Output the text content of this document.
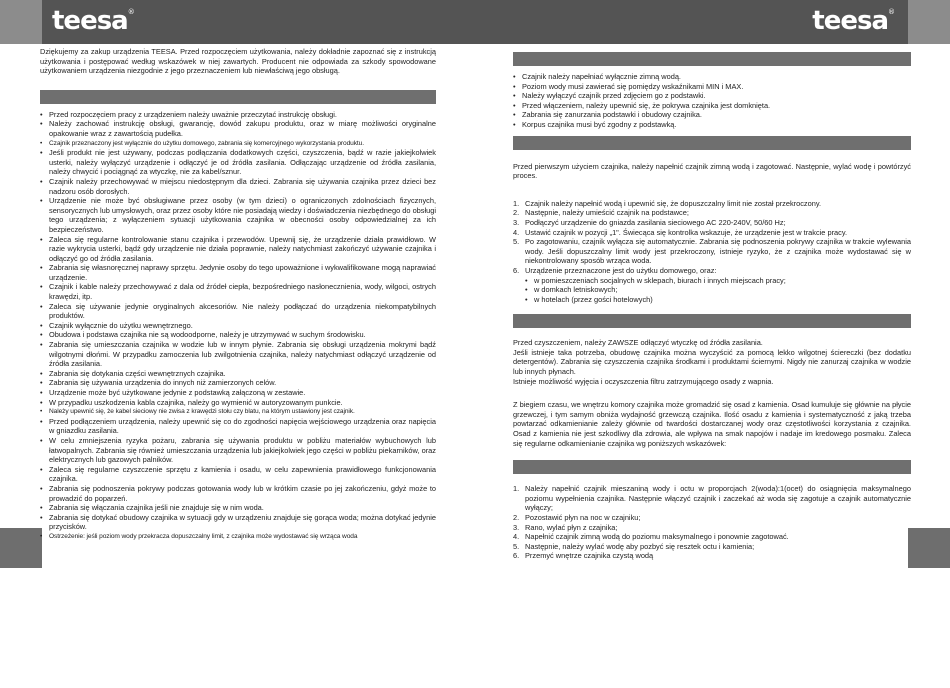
teesa®	teesa®

Dziękujemy za zakup urządzenia TEESA. Przed rozpoczęciem użytkowania, należy dokładnie zapoznać się z instrukcją użytkowania i postępować według wskazówek w niej zawartych. Producent nie odpowiada za szkody spowodowane użytkowaniem urządzenia niezgodnie z jego przeznaczeniem lub niewłaściwą jego obsługą.

• Przed rozpoczęciem pracy z urządzeniem należy uważnie przeczytać instrukcję obsługi.
• Należy zachować instrukcję obsługi, gwarancję, dowód zakupu produktu, oraz w miarę możliwości oryginalne opakowanie wraz z zawartością pudełka.
• Czajnik przeznaczony jest wyłącznie do użytku domowego, zabrania się komercyjnego wykorzystania produktu.
• Jeśli produkt nie jest używany, podczas podłączania dodatkowych części, czyszczenia, bądź w razie jakiejkolwiek usterki, należy wyłączyć urządzenie i odłączyć je od źródła zasilania. Odłączając urządzenie od źródła zasilania, należy chwycić i pociągnąć za wtyczkę, nie za kabel/sznur.
• Czajnik należy przechowywać w miejscu niedostępnym dla dzieci. Zabrania się używania czajnika przez dzieci bez nadzoru osób dorosłych.
• Urządzenie nie może być obsługiwane przez osoby (w tym dzieci) o ograniczonych zdolnościach fizycznych, sensorycznych lub umysłowych, oraz przez osoby które nie posiadają wiedzy i doświadczenia niezbędnego do obsługi tego urządzenia; z wyłączeniem sytuacji użytkowania czajnika w obecności osoby odpowiedzialnej za ich bezpieczeństwo.
• Zaleca się regularne kontrolowanie stanu czajnika i przewodów. Upewnij się, że urządzenie działa prawidłowo. W razie wykrycia usterki, bądź gdy urządzenie nie działa poprawnie, należy natychmiast zakończyć używanie czajnika i odłączyć go od źródła zasilania.
• Zabrania się własnoręcznej naprawy sprzętu. Jedynie osoby do tego upoważnione i wykwalifikowane mogą naprawiać urządzenie.
• Czajnik i kable należy przechowywać z dala od źródeł ciepła, bezpośredniego nasłonecznienia, wody, wilgoci, ostrych krawędzi, itp.
• Zaleca się używanie jedynie oryginalnych akcesoriów. Nie należy podłączać do urządzenia niekompatybilnych produktów.
• Czajnik wyłącznie do użytku wewnętrznego.
• Obudowa i podstawa czajnika nie są wodoodporne, należy je utrzymywać w suchym środowisku.
• Zabrania się umieszczania czajnika w wodzie lub w innym płynie. Zabrania się obsługi urządzenia mokrymi bądź wilgotnymi dłońmi. W przypadku zamoczenia lub zwilgotnienia czajnika, należy natychmiast odłączyć urządzenie od źródła zasilania.
• Zabrania się dotykania części wewnętrznych czajnika.
• Zabrania się używania urządzenia do innych niż zamierzonych celów.
• Urządzenie może być użytkowane jedynie z podstawką załączoną w zestawie.
• W przypadku uszkodzenia kabla czajnika, należy go wymienić w autoryzowanym punkcie.
• Należy upewnić się, że kabel sieciowy nie zwisa z krawędzi stołu czy blatu, na którym ustawiony jest czajnik.
• Przed podłączeniem urządzenia, należy upewnić się co do zgodności napięcia wejściowego urządzenia oraz napięcia w gniazdku zasilania.
• W celu zmniejszenia ryzyka pożaru, zabrania się używania produktu w pobliżu materiałów wybuchowych lub łatwopalnych. Zabrania się również umieszczania urządzenia lub jakiejkolwiek jego części w pobliżu piekarników, oraz elektrycznych lub gazowych palników.
• Zaleca się regularne czyszczenie sprzętu z kamienia i osadu, w celu zapewnienia prawidłowego funkcjonowania czajnika.
• Zabrania się podnoszenia pokrywy podczas gotowania wody lub w krótkim czasie po jej zakończeniu, gdyż może to prowadzić do poparzeń.
• Zabrania się włączania czajnika jeśli nie znajduje się w nim woda.
• Zabrania się dotykać obudowy czajnika w sytuacji gdy w urządzeniu znajduje się gorąca woda; można dotykać jedynie przycisków.
• Ostrzeżenie: jeśli poziom wody przekracza dopuszczalny limit, z czajnika może wydostawać się wrząca woda
• Czajnik należy napełniać wyłącznie zimną wodą.
• Poziom wody musi zawierać się pomiędzy wskaźnikami MIN i MAX.
• Należy wyłączyć czajnik przed zdjęciem go z podstawki.
• Przed włączeniem, należy upewnić się, że pokrywa czajnika jest domknięta.
• Zabrania się zanurzania podstawki i obudowy czajnika.
• Korpus czajnika musi być zgodny z podstawką.

Przed pierwszym użyciem czajnika, należy napełnić czajnik zimną wodą i zagotować. Następnie, wylać wodę i powtórzyć proces.

1. Czajnik należy napełnić wodą i upewnić się, że dopuszczalny limit nie został przekroczony.
2. Następnie, należy umieścić czajnik na podstawce;
3. Podłączyć urządzenie do gniazda zasilania sieciowego AC 220-240V, 50/60 Hz;
4. Ustawić czajnik w pozycji „1". Świecąca się kontrolka wskazuje, że urządzenie jest w trakcie pracy.
5. Po zagotowaniu, czajnik wyłącza się automatycznie. Zabrania się podnoszenia pokrywy czajnika w trakcie wylewania wody. Jeśli dopuszczalny limit wody jest przekroczony, istnieje ryzyko, że z czajnika może wydostawać się w niekontrolowany sposób wrząca woda.
6. Urządzenie przeznaczone jest do użytku domowego, oraz:
• w pomieszczeniach socjalnych w sklepach, biurach i innych miejscach pracy;
• w domkach letniskowych;
• w hotelach (przez gości hotelowych)

Przed czyszczeniem, należy ZAWSZE odłączyć wtyczkę od źródła zasilania.

Jeśli istnieje taka potrzeba, obudowę czajnika można wyczyścić za pomocą lekko wilgotnej ściereczki (bez dodatku detergentów). Zabrania się czyszczenia czajnika środkami i produktami ściernymi. Nigdy nie zanurzaj czajnika w wodzie lub innych płynach.

Istnieje możliwość wyjęcia i oczyszczenia filtru zatrzymującego osady z wapnia.

Z biegiem czasu, we wnętrzu komory czajnika może gromadzić się osad z kamienia. Osad kumuluje się głównie na płycie grzewczej, i tym samym obniża wydajność grzewczą czajnika. Ilość osadu z kamienia i systematyczność z jaką trzeba powtarzać odkamienianie zależy głównie od twardości dostarczanej wody oraz częstotliwości korzystania z czajnika. Osad z kamienia nie jest szkodliwy dla zdrowia, ale wpływa na smak napojów i nadaje im kredowego posmaku. Zaleca się regularne odkamienianie czajnika wg poniższych wskazówek:

1. Należy napełnić czajnik mieszaniną wody i octu w proporcjach 2(woda):1(ocet) do osiągnięcia maksymalnego poziomu wypełnienia czajnika. Następnie włączyć czajnik i zaczekać aż woda się zagotuje a czajnik automatycznie wyłączy;
2. Pozostawić płyn na noc w czajniku;
3. Rano, wylać płyn z czajnika;
4. Napełnić czajnik zimną wodą do poziomu maksymalnego i ponownie zagotować.
5. Następnie, należy wylać wodę aby pozbyć się resztek octu i kamienia;
6. Przemyć wnętrze czajnika czystą wodą
